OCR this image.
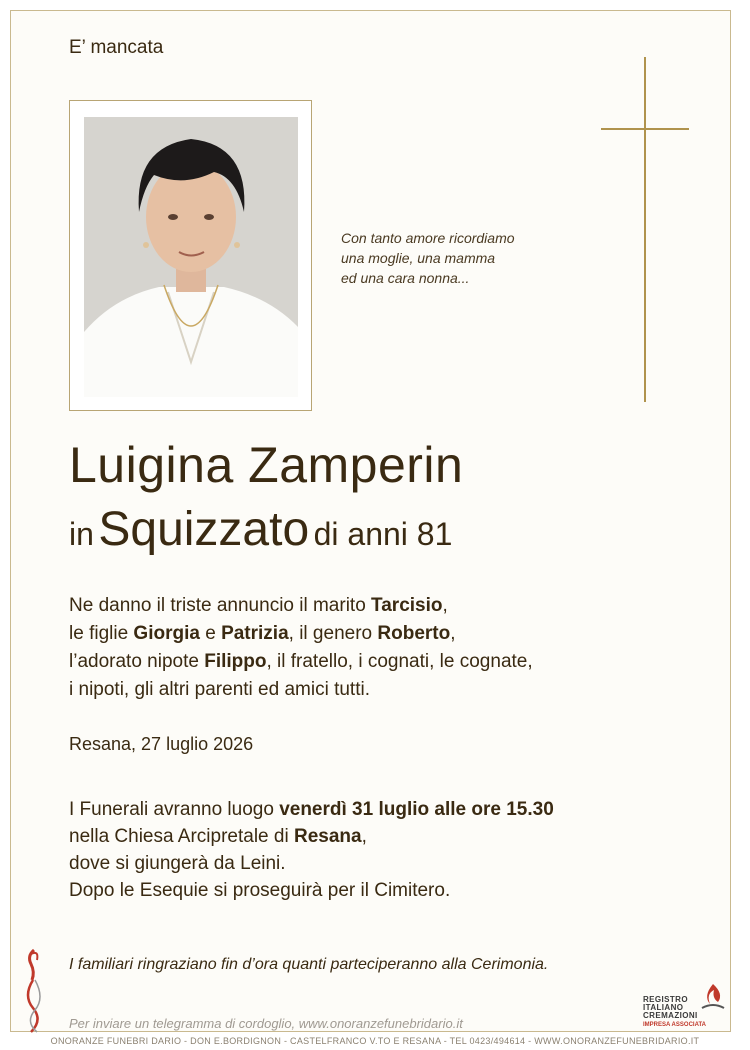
E’ mancata
Con tanto amore ricordiamo
una moglie, una mamma
ed una cara nonna...
Luigina Zamperin
in Squizzato di anni 81
Ne danno il triste annuncio il marito Tarcisio,
le figlie Giorgia e Patrizia, il genero Roberto,
l’adorato nipote Filippo, il fratello, i cognati, le cognate,
i nipoti, gli altri parenti ed amici tutti.
Resana, 27 luglio 2026
I Funerali avranno luogo venerdì 31 luglio alle ore 15.30
nella Chiesa Arcipretale di Resana,
dove si giungerà da Leini.
Dopo le Esequie si proseguirà per il Cimitero.
I familiari ringraziano fin d’ora quanti parteciperanno alla Cerimonia.
REGISTRO
ITALIANO
CREMAZIONI
IMPRESA ASSOCIATA
Per inviare un telegramma di cordoglio, www.onoranzefunebridario.it
ONORANZE FUNEBRI DARIO - DON E.BORDIGNON - CASTELFRANCO V.TO E RESANA - TEL 0423/494614 - WWW.ONORANZEFUNEBRIDARIO.IT
